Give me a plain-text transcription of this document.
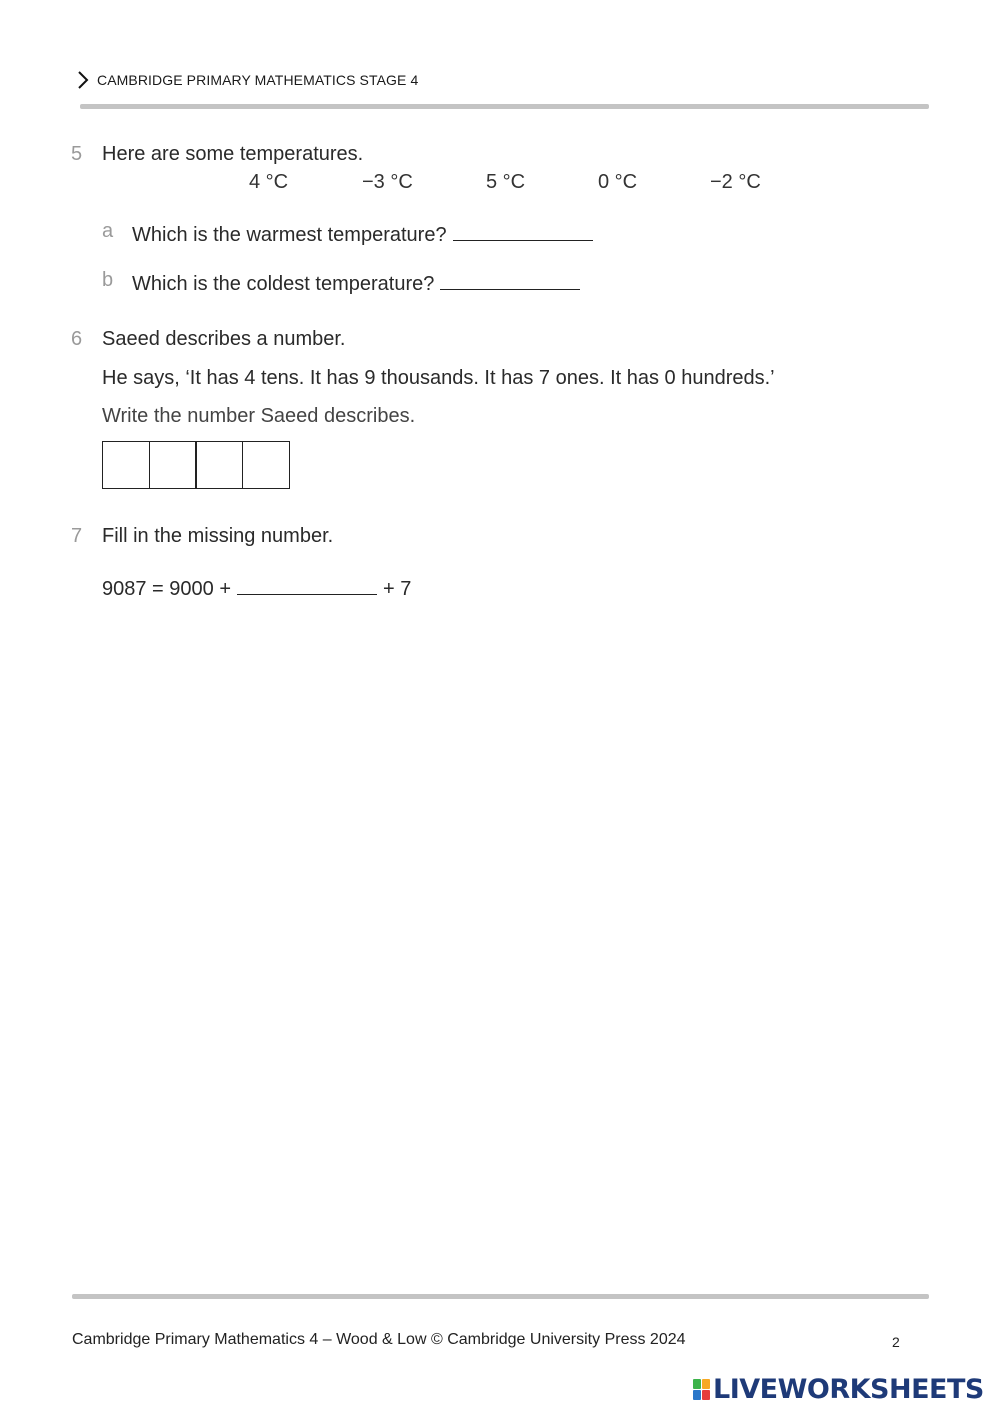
CAMBRIDGE PRIMARY MATHEMATICS STAGE 4
5 Here are some temperatures.
4 °C	−3 °C	5 °C	0 °C	−2 °C
a Which is the warmest temperature?
b Which is the coldest temperature?
6 Saeed describes a number.
He says, ‘It has 4 tens. It has 9 thousands. It has 7 ones. It has 0 hundreds.’
Write the number Saeed describes.
7 Fill in the missing number.
9087 = 9000 +	+ 7
Cambridge Primary Mathematics 4 – Wood & Low © Cambridge University Press 2024	2
LIVEWORKSHEETS
